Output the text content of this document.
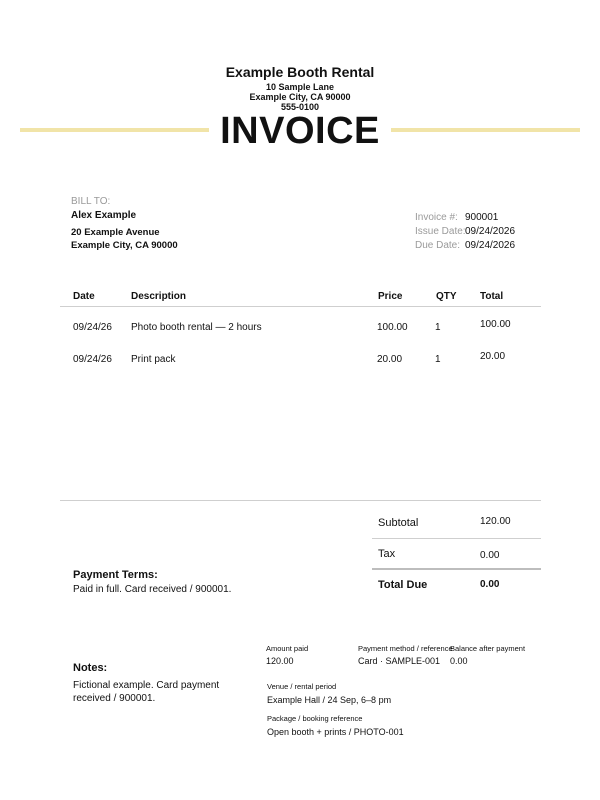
Example Booth Rental
10 Sample Lane
Example City, CA 90000
555-0100
INVOICE
BILL TO:
Alex Example
20 Example Avenue
Example City, CA 90000
Invoice #: 900001
Issue Date: 09/24/2026
Due Date: 09/24/2026
Date	Description	Price	QTY Total
09/24/26 Photo booth rental — 2 hours	100.00	1	100.00
09/24/26 Print pack	20.00	1	20.00
Subtotal	120.00
Tax	0.00
Total Due	0.00
Payment Terms:
Paid in full. Card received / 900001.
Notes:
Fictional example. Card payment received / 900001.
Amount paid
120.00
Payment method / reference
Card · SAMPLE-001
Balance after payment
0.00
Venue / rental period
Example Hall / 24 Sep, 6–8 pm
Package / booking reference
Open booth + prints / PHOTO-001
